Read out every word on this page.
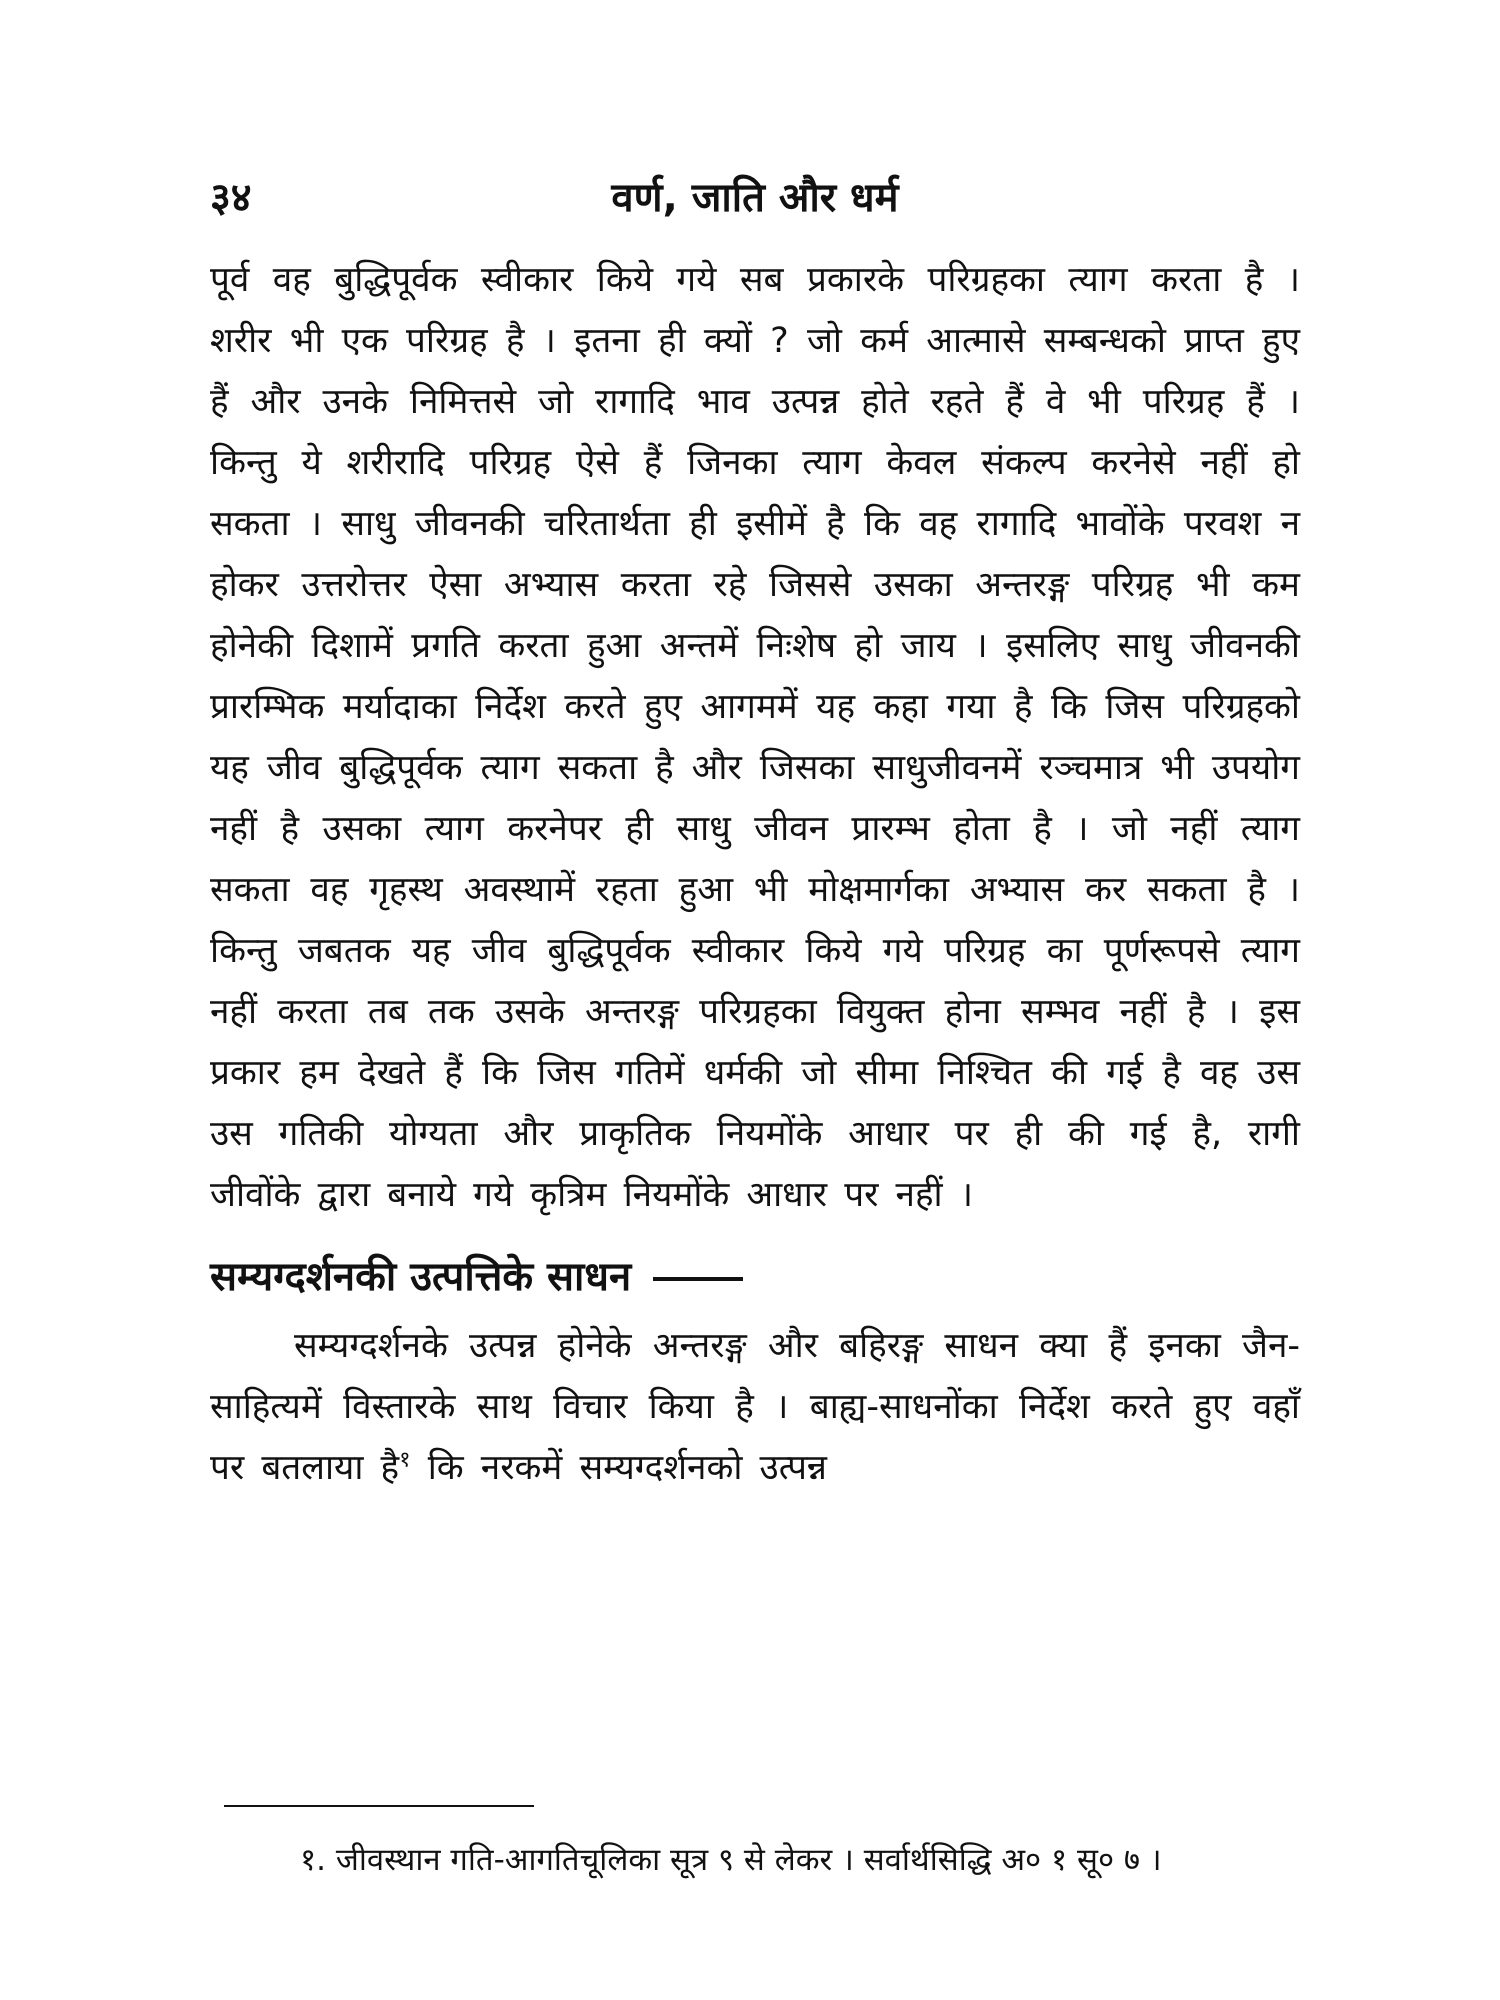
३४	वर्ण, जाति और धर्म

पूर्व वह बुद्धिपूर्वक स्वीकार किये गये सब प्रकारके परिग्रहका त्याग करता है । शरीर भी एक परिग्रह है । इतना ही क्यों ? जो कर्म आत्मासे सम्बन्धको प्राप्त हुए हैं और उनके निमित्तसे जो रागादि भाव उत्पन्न होते रहते हैं वे भी परिग्रह हैं । किन्तु ये शरीरादि परिग्रह ऐसे हैं जिनका त्याग केवल संकल्प करनेसे नहीं हो सकता । साधु जीवनकी चरितार्थता ही इसीमें है कि वह रागादि भावोंके परवश न होकर उत्तरोत्तर ऐसा अभ्यास करता रहे जिससे उसका अन्तरङ्ग परिग्रह भी कम होनेकी दिशामें प्रगति करता हुआ अन्तमें निःशेष हो जाय । इसलिए साधु जीवनकी प्रारम्भिक मर्यादाका निर्देश करते हुए आगममें यह कहा गया है कि जिस परिग्रहको यह जीव बुद्धिपूर्वक त्याग सकता है और जिसका साधुजीवनमें रञ्चमात्र भी उपयोग नहीं है उसका त्याग करनेपर ही साधु जीवन प्रारम्भ होता है । जो नहीं त्याग सकता वह गृहस्थ अवस्थामें रहता हुआ भी मोक्षमार्गका अभ्यास कर सकता है । किन्तु जबतक यह जीव बुद्धिपूर्वक स्वीकार किये गये परिग्रह का पूर्णरूपसे त्याग नहीं करता तब तक उसके अन्तरङ्ग परिग्रहका वियुक्त होना सम्भव नहीं है । इस प्रकार हम देखते हैं कि जिस गतिमें धर्मकी जो सीमा निश्चित की गई है वह उस उस गतिकी योग्यता और प्राकृतिक नियमोंके आधार पर ही की गई है, रागी जीवोंके द्वारा बनाये गये कृत्रिम नियमोंके आधार पर नहीं ।

सम्यग्दर्शनकी उत्पत्तिके साधन

सम्यग्दर्शनके उत्पन्न होनेके अन्तरङ्ग और बहिरङ्ग साधन क्या हैं इनका जैन-साहित्यमें विस्तारके साथ विचार किया है । बाह्य-साधनोंका निर्देश करते हुए वहाँ पर बतलाया है$^१$ कि नरकमें सम्यग्दर्शनको उत्पन्न

१. जीवस्थान गति-आगतिचूलिका सूत्र ९ से लेकर । सर्वार्थसिद्धि अ० १ सू० ७ ।
